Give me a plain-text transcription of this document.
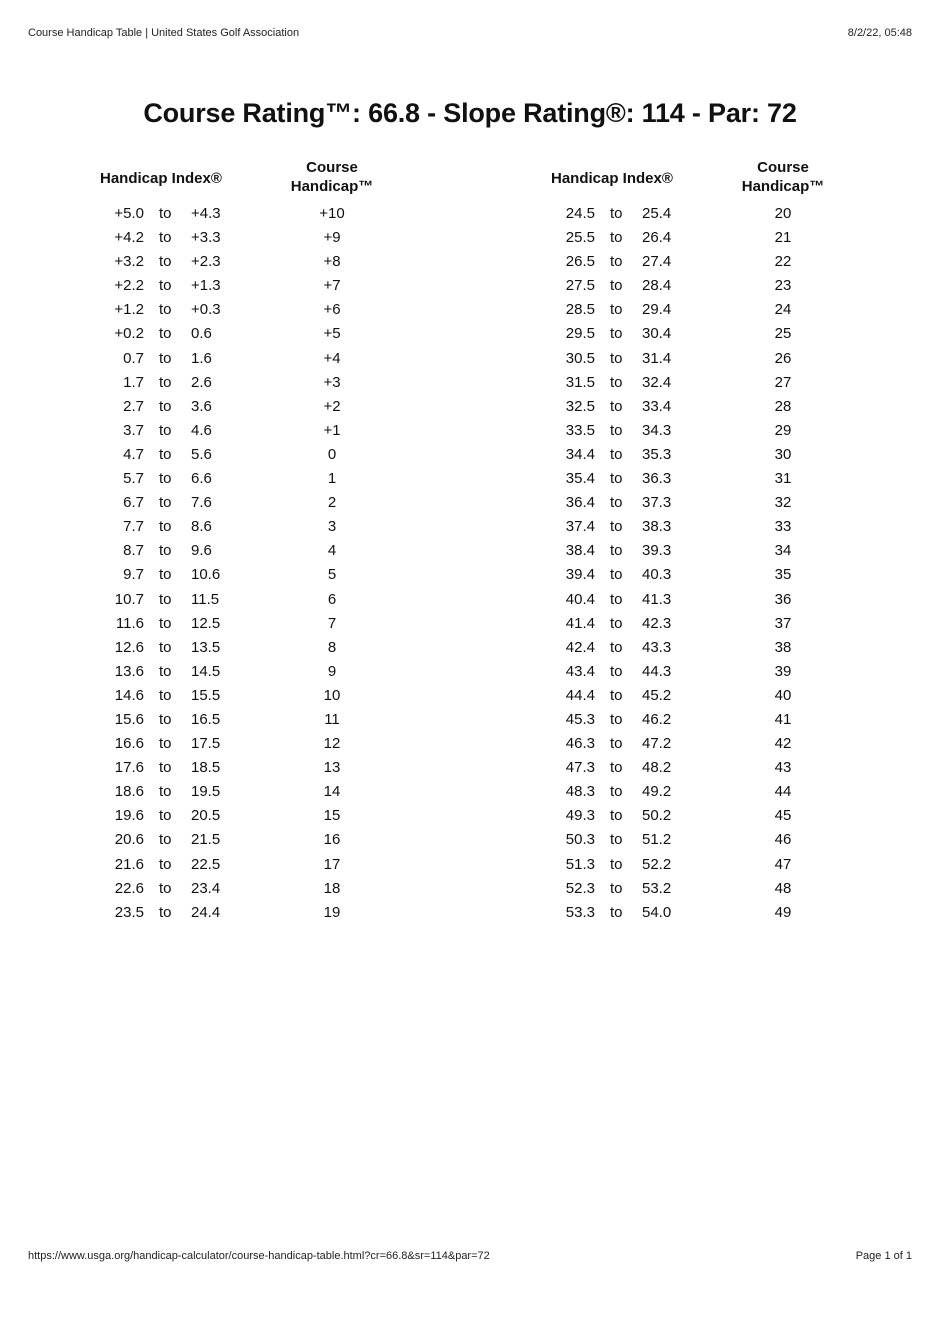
Course Handicap Table | United States Golf Association	8/2/22, 05:48
Course Rating™: 66.8 - Slope Rating®: 114 - Par: 72
Handicap Index®
Course
Handicap™
+5.0 to +4.3	+10
+4.2 to +3.3	+9
+3.2 to +2.3	+8
+2.2 to +1.3	+7
+1.2 to +0.3	+6
+0.2 to 0.6	+5
0.7 to 1.6	+4
1.7 to 2.6	+3
2.7 to 3.6	+2
3.7 to 4.6	+1
4.7 to 5.6	0
5.7 to 6.6	1
6.7 to 7.6	2
7.7 to 8.6	3
8.7 to 9.6	4
9.7 to 10.6	5
10.7 to 11.5	6
11.6 to 12.5	7
12.6 to 13.5	8
13.6 to 14.5	9
14.6 to 15.5	10
15.6 to 16.5	11
16.6 to 17.5	12
17.6 to 18.5	13
18.6 to 19.5	14
19.6 to 20.5	15
20.6 to 21.5	16
21.6 to 22.5	17
22.6 to 23.4	18
23.5 to 24.4	19
Handicap Index®
Course
Handicap™
24.5 to 25.4	20
25.5 to 26.4	21
26.5 to 27.4	22
27.5 to 28.4	23
28.5 to 29.4	24
29.5 to 30.4	25
30.5 to 31.4	26
31.5 to 32.4	27
32.5 to 33.4	28
33.5 to 34.3	29
34.4 to 35.3	30
35.4 to 36.3	31
36.4 to 37.3	32
37.4 to 38.3	33
38.4 to 39.3	34
39.4 to 40.3	35
40.4 to 41.3	36
41.4 to 42.3	37
42.4 to 43.3	38
43.4 to 44.3	39
44.4 to 45.2	40
45.3 to 46.2	41
46.3 to 47.2	42
47.3 to 48.2	43
48.3 to 49.2	44
49.3 to 50.2	45
50.3 to 51.2	46
51.3 to 52.2	47
52.3 to 53.2	48
53.3 to 54.0	49
https://www.usga.org/handicap-calculator/course-handicap-table.html?cr=66.8&sr=114&par=72	Page 1 of 1
